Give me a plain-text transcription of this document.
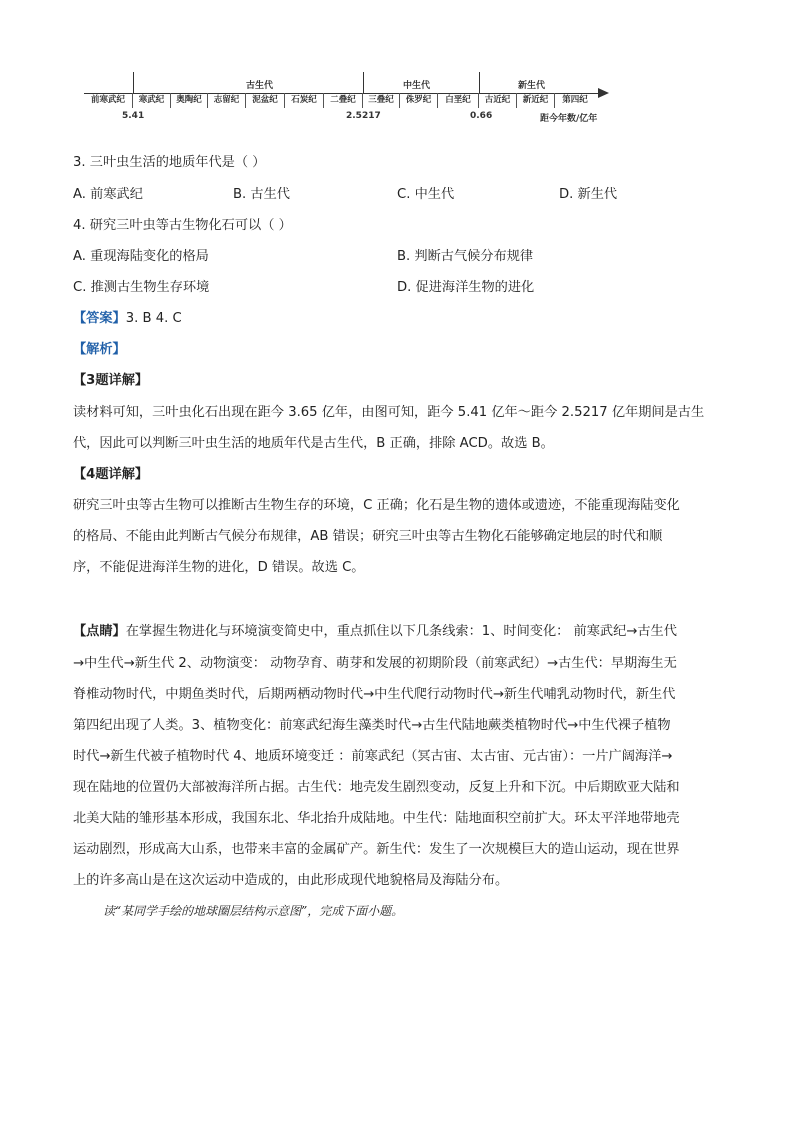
古生代	中生代	新生代
前寒武纪	寒武纪	奥陶纪	志留纪	泥盆纪	石炭纪	二叠纪	三叠纪	侏罗纪	白垩纪	古近纪	新近纪	第四纪
5.41	2.5217	0.66	距今年数/亿年
3. 三叶虫生活的地质年代是（ ）
A. 前寒武纪	B. 古生代	C. 中生代	D. 新生代
4. 研究三叶虫等古生物化石可以（ ）
A. 重现海陆变化的格局	B. 判断古气候分布规律
C. 推测古生物生存环境	D. 促进海洋生物的进化
【答案】3. B 4. C
【解析】
【3题详解】
读材料可知，三叶虫化石出现在距今 3.65 亿年，由图可知，距今 5.41 亿年～距今 2.5217 亿年期间是古生
代，因此可以判断三叶虫生活的地质年代是古生代，B 正确，排除 ACD。故选 B。
【4题详解】
研究三叶虫等古生物可以推断古生物生存的环境，C 正确；化石是生物的遗体或遗迹，不能重现海陆变化
的格局、不能由此判断古气候分布规律，AB 错误；研究三叶虫等古生物化石能够确定地层的时代和顺
序，不能促进海洋生物的进化，D 错误。故选 C。
【点睛】在掌握生物进化与环境演变简史中，重点抓住以下几条线索：1、时间变化： 前寒武纪→古生代
→中生代→新生代 2、动物演变： 动物孕育、萌芽和发展的初期阶段（前寒武纪）→古生代：早期海生无
脊椎动物时代，中期鱼类时代，后期两栖动物时代→中生代爬行动物时代→新生代哺乳动物时代，新生代
第四纪出现了人类。3、植物变化：前寒武纪海生藻类时代→古生代陆地蕨类植物时代→中生代裸子植物
时代→新生代被子植物时代 4、地质环境变迁 ：前寒武纪（冥古宙、太古宙、元古宙）：一片广阔海洋→
现在陆地的位置仍大部被海洋所占据。古生代：地壳发生剧烈变动，反复上升和下沉。中后期欧亚大陆和
北美大陆的雏形基本形成，我国东北、华北抬升成陆地。中生代：陆地面积空前扩大。环太平洋地带地壳
运动剧烈，形成高大山系，也带来丰富的金属矿产。新生代：发生了一次规模巨大的造山运动，现在世界
上的许多高山是在这次运动中造成的，由此形成现代地貌格局及海陆分布。
读“某同学手绘的地球圈层结构示意图”，完成下面小题。
